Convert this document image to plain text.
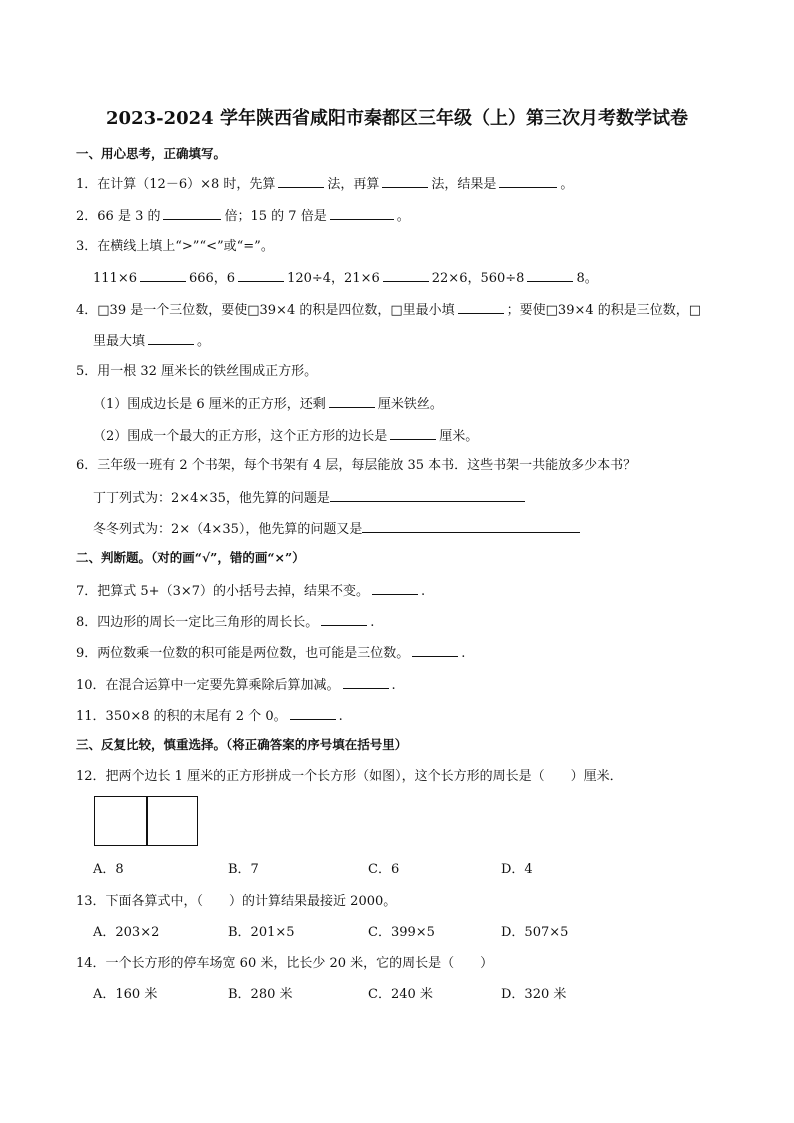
2023-2024 学年陕西省咸阳市秦都区三年级（上）第三次月考数学试卷
一、用心思考，正确填写。
1．在计算（12－6）×8 时，先算	法，再算	法，结果是	。
2．66 是 3 的	倍；15 的 7 倍是	。
3．在横线上填上“>”“<”或“=”。
111×6	666，6	120÷4，21×6	22×6，560÷8	8。
4．□39 是一个三位数，要使□39×4 的积是四位数，□里最小填	；要使□39×4 的积是三位数，□
里最大填	。
5．用一根 32 厘米长的铁丝围成正方形。
（1）围成边长是 6 厘米的正方形，还剩	厘米铁丝。
（2）围成一个最大的正方形，这个正方形的边长是	厘米。
6．三年级一班有 2 个书架，每个书架有 4 层，每层能放 35 本书．这些书架一共能放多少本书？
丁丁列式为：2×4×35，他先算的问题是
冬冬列式为：2×（4×35），他先算的问题又是
二、判断题。（对的画“√”，错的画“×”）
7．把算式 5+（3×7）的小括号去掉，结果不变。	.
8．四边形的周长一定比三角形的周长长。	.
9．两位数乘一位数的积可能是两位数，也可能是三位数。	.
10．在混合运算中一定要先算乘除后算加减。	.
11．350×8 的积的末尾有 2 个 0。	.
三、反复比较，慎重选择。（将正确答案的序号填在括号里）
12．把两个边长 1 厘米的正方形拼成一个长方形（如图），这个长方形的周长是（　　）厘米．
A．8	B．7	C．6	D．4
13．下面各算式中，（　　）的计算结果最接近 2000。
A．203×2	B．201×5	C．399×5	D．507×5
14．一个长方形的停车场宽 60 米，比长少 20 米，它的周长是（　　）
A．160 米	B．280 米	C．240 米	D．320 米
